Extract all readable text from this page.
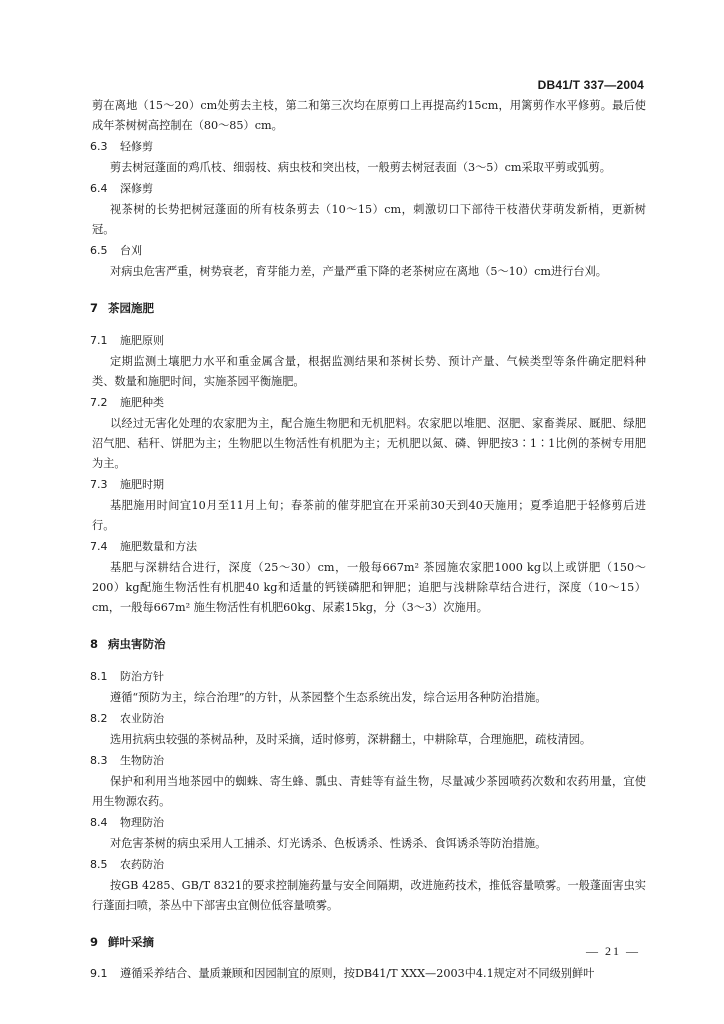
DB41/T 337—2004

剪在离地（15～20）cm处剪去主枝，第二和第三次均在原剪口上再提高约15cm，用篱剪作水平修剪。最后使成年茶树树高控制在（80～85）cm。

6.3 轻修剪

剪去树冠蓬面的鸡爪枝、细弱枝、病虫枝和突出枝，一般剪去树冠表面（3～5）cm采取平剪或弧剪。

6.4 深修剪

视茶树的长势把树冠蓬面的所有枝条剪去（10～15）cm，刺激切口下部待干枝潜伏芽萌发新梢，更新树冠。

6.5 台刈

对病虫危害严重，树势衰老，育芽能力差，产量严重下降的老茶树应在离地（5～10）cm进行台刈。

7 茶园施肥
7.1 施肥原则

定期监测土壤肥力水平和重金属含量，根据监测结果和茶树长势、预计产量、气候类型等条件确定肥料种类、数量和施肥时间，实施茶园平衡施肥。

7.2 施肥种类

以经过无害化处理的农家肥为主，配合施生物肥和无机肥料。农家肥以堆肥、沤肥、家畜粪尿、厩肥、绿肥沼气肥、秸秆、饼肥为主；生物肥以生物活性有机肥为主；无机肥以氮、磷、钾肥按3∶1∶1比例的茶树专用肥为主。

7.3 施肥时期

基肥施用时间宜10月至11月上旬；春茶前的催芽肥宜在开采前30天到40天施用；夏季追肥于轻修剪后进行。

7.4 施肥数量和方法

基肥与深耕结合进行，深度（25～30）cm，一般每667m² 茶园施农家肥1000 kg以上或饼肥（150～200）kg配施生物活性有机肥40 kg和适量的钙镁磷肥和钾肥；追肥与浅耕除草结合进行，深度（10～15）cm，一般每667m² 施生物活性有机肥60kg、尿素15kg，分（3～3）次施用。

8 病虫害防治
8.1 防治方针

遵循“预防为主，综合治理”的方针，从茶园整个生态系统出发，综合运用各种防治措施。

8.2 农业防治

选用抗病虫较强的茶树品种，及时采摘，适时修剪，深耕翻土，中耕除草，合理施肥，疏枝清园。

8.3 生物防治

保护和利用当地茶园中的蜘蛛、寄生蜂、瓢虫、青蛙等有益生物，尽量减少茶园喷药次数和农药用量，宜使用生物源农药。

8.4 物理防治

对危害茶树的病虫采用人工捕杀、灯光诱杀、色板诱杀、性诱杀、食饵诱杀等防治措施。

8.5 农药防治

按GB 4285、GB/T 8321的要求控制施药量与安全间隔期，改进施药技术，推低容量喷雾。一般蓬面害虫实行蓬面扫喷，茶丛中下部害虫宜侧位低容量喷雾。

9 鲜叶采摘

9.1 遵循采养结合、量质兼顾和因园制宜的原则，按DB41/T XXX—2003中4.1规定对不同级别鲜叶

— 21 —
